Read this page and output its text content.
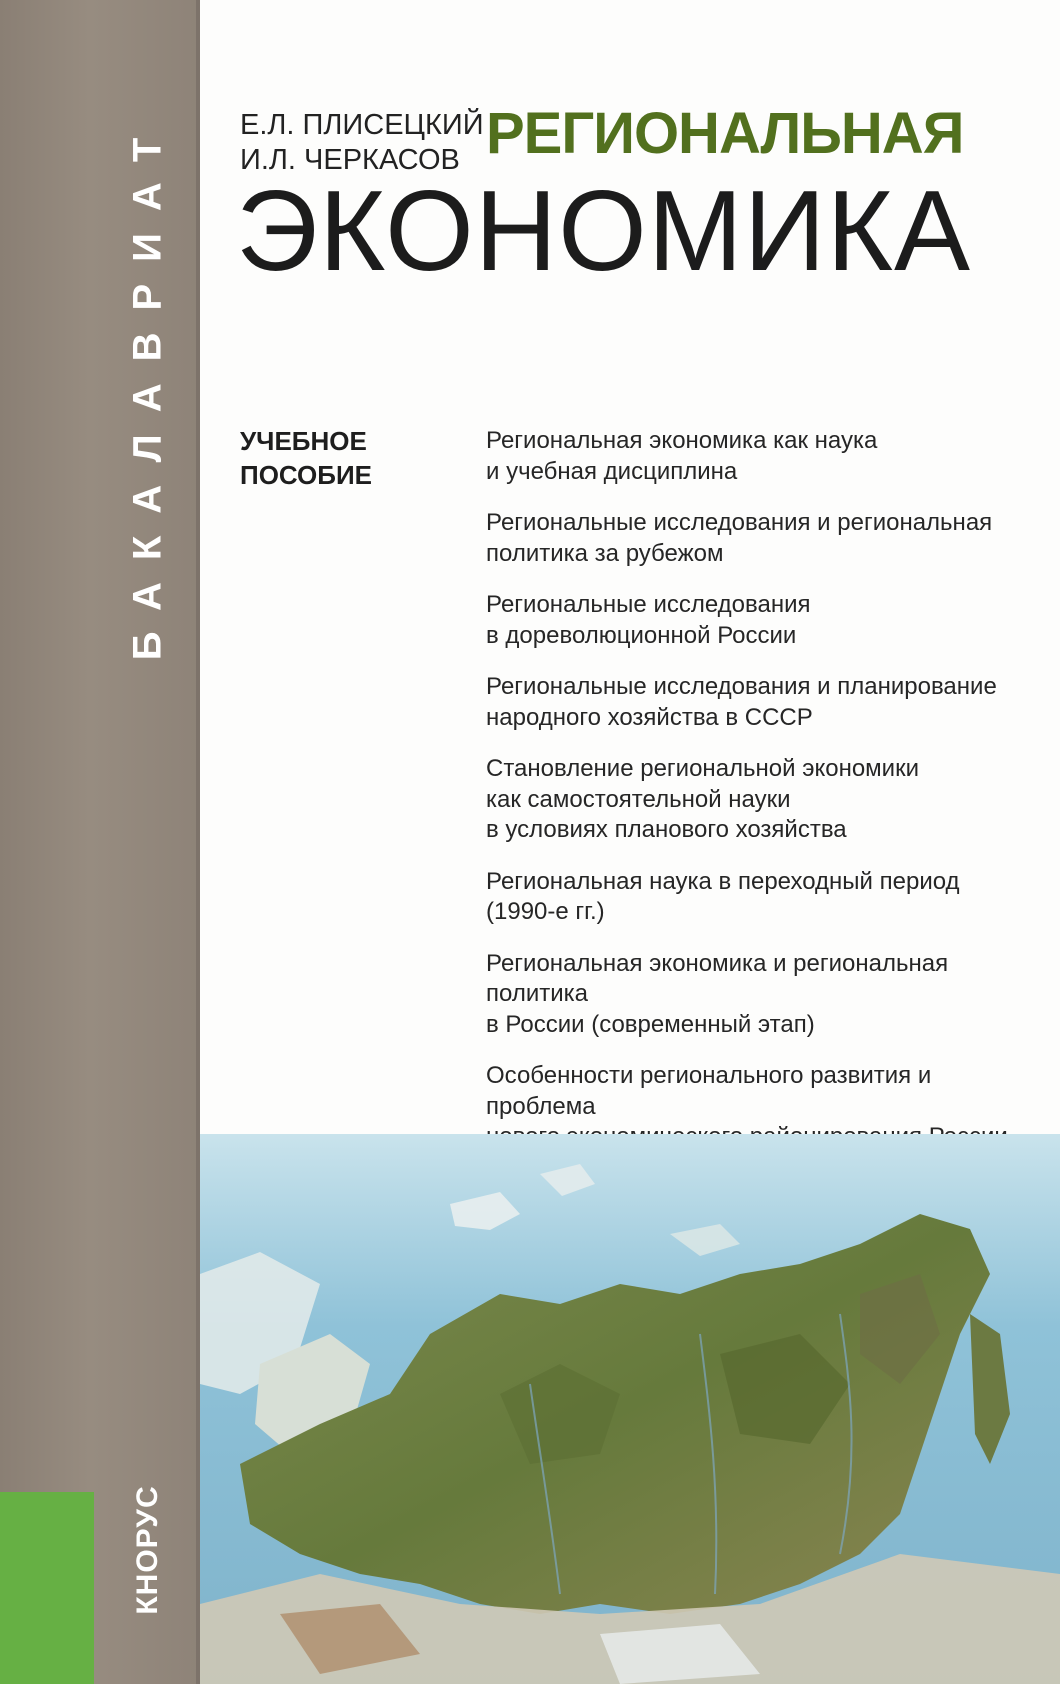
БАКАЛАВРИАТ
КНОРУС
Е.Л. ПЛИСЕЦКИЙ
И.Л. ЧЕРКАСОВ РЕГИОНАЛЬНАЯ
ЭКОНОМИКА
УЧЕБНОЕ
ПОСОБИЕ
Региональная экономика как наука
и учебная дисциплина
Региональные исследования и региональная
политика за рубежом
Региональные исследования
в дореволюционной России
Региональные исследования и планирование
народного хозяйства в СССР
Становление региональной экономики
как самостоятельной науки
в условиях планового хозяйства
Региональная наука в переходный период
(1990-е гг.)
Региональная экономика и региональная политика
в России (современный этап)
Особенности регионального развития и проблема
